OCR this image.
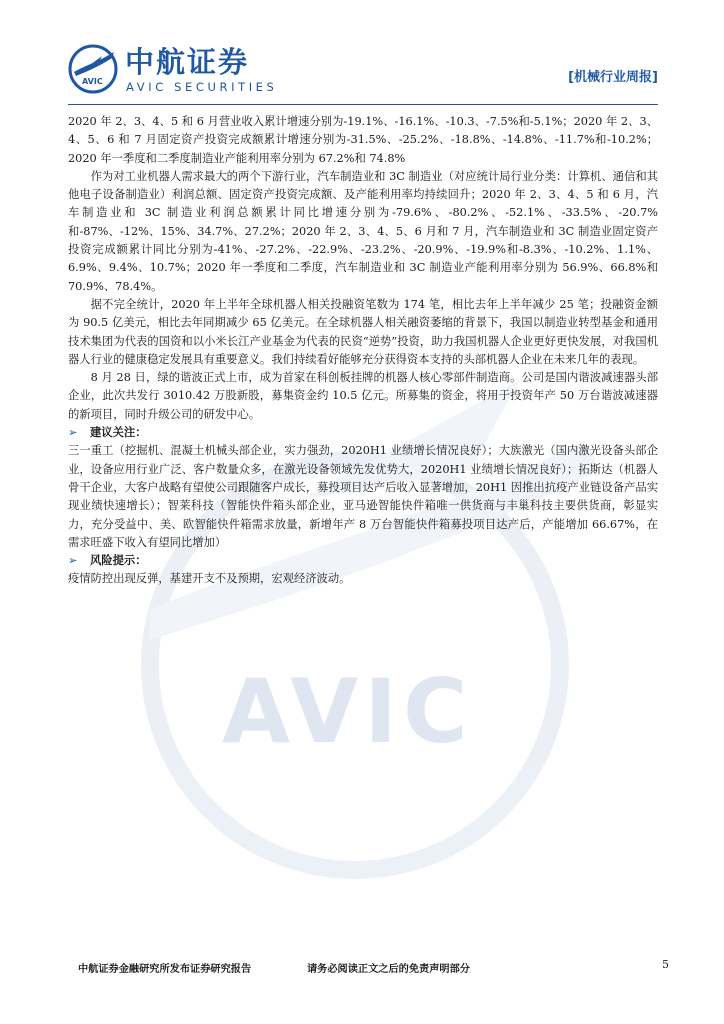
AVIC
AVIC
中航证券
AVIC SECURITIES
[机械行业周报]

2020 年 2、3、4、5 和 6 月营业收入累计增速分别为-19.1%、-16.1%、-10.3、-7.5%和-5.1%；2020 年 2、3、4、5、6 和 7 月固定资产投资完成额累计增速分别为-31.5%、-25.2%、-18.8%、-14.8%、-11.7%和-10.2%；2020 年一季度和二季度制造业产能利用率分别为 67.2%和 74.8%

作为对工业机器人需求最大的两个下游行业，汽车制造业和 3C 制造业（对应统计局行业分类：计算机、通信和其他电子设备制造业）利润总额、固定资产投资完成额、及产能利用率均持续回升；2020 年 2、3、4、5 和 6 月，汽车制造业和 3C 制造业利润总额累计同比增速分别为-79.6%、-80.2%、-52.1%、-33.5%、-20.7%和-87%、-12%、15%、34.7%、27.2%；2020 年 2、3、4、5、6 月和 7 月，汽车制造业和 3C 制造业固定资产投资完成额累计同比分别为-41%、-27.2%、-22.9%、-23.2%、-20.9%、-19.9%和-8.3%、-10.2%、1.1%、6.9%、9.4%、10.7%；2020 年一季度和二季度，汽车制造业和 3C 制造业产能利用率分别为 56.9%、66.8%和 70.9%、78.4%。

据不完全统计，2020 年上半年全球机器人相关投融资笔数为 174 笔，相比去年上半年减少 25 笔；投融资金额为 90.5 亿美元，相比去年同期减少 65 亿美元。在全球机器人相关融资萎缩的背景下，我国以制造业转型基金和通用技术集团为代表的国资和以小米长江产业基金为代表的民资“逆势”投资，助力我国机器人企业更好更快发展，对我国机器人行业的健康稳定发展具有重要意义。我们持续看好能够充分获得资本支持的头部机器人企业在未来几年的表现。

8 月 28 日，绿的谐波正式上市，成为首家在科创板挂牌的机器人核心零部件制造商。公司是国内谐波减速器头部企业，此次共发行 3010.42 万股新股，募集资金约 10.5 亿元。所募集的资金，将用于投资年产 50 万台谐波减速器的新项目，同时升级公司的研发中心。

➢ 建议关注：

三一重工（挖掘机、混凝土机械头部企业，实力强劲，2020H1 业绩增长情况良好）；大族激光（国内激光设备头部企业，设备应用行业广泛、客户数量众多，在激光设备领域先发优势大，2020H1 业绩增长情况良好）；拓斯达（机器人骨干企业，大客户战略有望使公司跟随客户成长，募投项目达产后收入显著增加，20H1 因推出抗疫产业链设备产品实现业绩快速增长）；智莱科技（智能快件箱头部企业，亚马逊智能快件箱唯一供货商与丰巢科技主要供货商，彰显实力，充分受益中、美、欧智能快件箱需求放量，新增年产 8 万台智能快件箱募投项目达产后，产能增加 66.67%，在需求旺盛下收入有望同比增加）

➢ 风险提示：

疫情防控出现反弹，基建开支不及预期，宏观经济波动。

中航证券金融研究所发布证券研究报告	请务必阅读正文之后的免责声明部分	5
